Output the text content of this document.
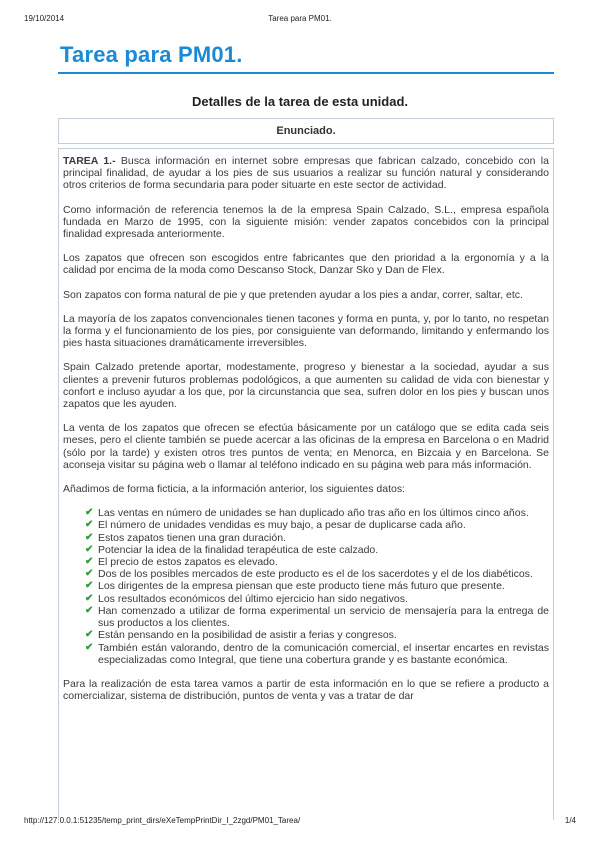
19/10/2014	Tarea para PM01.
Tarea para PM01.
Detalles de la tarea de esta unidad.
Enunciado.

TAREA 1.- Busca información en internet sobre empresas que fabrican calzado, concebido con la principal finalidad, de ayudar a los pies de sus usuarios a realizar su función natural y considerando otros criterios de forma secundaria para poder situarte en este sector de actividad.

Como información de referencia tenemos la de la empresa Spain Calzado, S.L., empresa española fundada en Marzo de 1995, con la siguiente misión: vender zapatos concebidos con la principal finalidad expresada anteriormente.

Los zapatos que ofrecen son escogidos entre fabricantes que den prioridad a la ergonomía y a la calidad por encima de la moda como Descanso Stock, Danzar Sko y Dan de Flex.

Son zapatos con forma natural de pie y que pretenden ayudar a los pies a andar, correr, saltar, etc.

La mayoría de los zapatos convencionales tienen tacones y forma en punta, y, por lo tanto, no respetan la forma y el funcionamiento de los pies, por consiguiente van deformando, limitando y enfermando los pies hasta situaciones dramáticamente irreversibles.

Spain Calzado pretende aportar, modestamente, progreso y bienestar a la sociedad, ayudar a sus clientes a prevenir futuros problemas podológicos, a que aumenten su calidad de vida con bienestar y confort e incluso ayudar a los que, por la circunstancia que sea, sufren dolor en los pies y buscan unos zapatos que les ayuden.

La venta de los zapatos que ofrecen se efectúa básicamente por un catálogo que se edita cada seis meses, pero el cliente también se puede acercar a las oficinas de la empresa en Barcelona o en Madrid (sólo por la tarde) y existen otros tres puntos de venta; en Menorca, en Bizcaia y en Barcelona. Se aconseja visitar su página web o llamar al teléfono indicado en su página web para más información.

Añadimos de forma ficticia, a la información anterior, los siguientes datos:

✔ Las ventas en número de unidades se han duplicado año tras año en los últimos cinco años.
✔ El número de unidades vendidas es muy bajo, a pesar de duplicarse cada año.
✔ Estos zapatos tienen una gran duración.
✔ Potenciar la idea de la finalidad terapéutica de este calzado.
✔ El precio de estos zapatos es elevado.
✔ Dos de los posibles mercados de este producto es el de los sacerdotes y el de los diabéticos.
✔ Los dirigentes de la empresa piensan que este producto tiene más futuro que presente.
✔ Los resultados económicos del último ejercicio han sido negativos.
✔ Han comenzado a utilizar de forma experimental un servicio de mensajería para la entrega de sus productos a los clientes.
✔ Están pensando en la posibilidad de asistir a ferias y congresos.
✔ También están valorando, dentro de la comunicación comercial, el insertar encartes en revistas especializadas como Integral, que tiene una cobertura grande y es bastante económica.

Para la realización de esta tarea vamos a partir de esta información en lo que se refiere a producto a comercializar, sistema de distribución, puntos de venta y vas a tratar de dar

http://127.0.0.1:51235/temp_print_dirs/eXeTempPrintDir_I_2zgd/PM01_Tarea/	1/4
